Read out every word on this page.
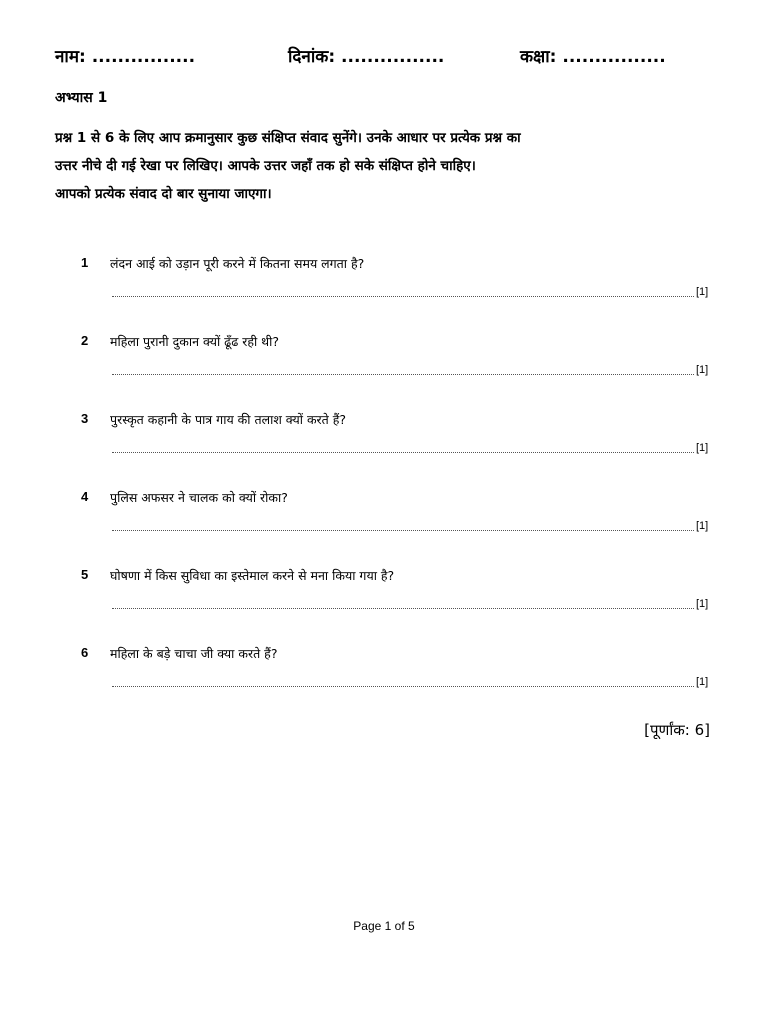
नाम: ................	दिनांक: ................	कक्षा: ................
अभ्यास 1
प्रश्न 1 से 6 के लिए आप क्रमानुसार कुछ संक्षिप्त संवाद सुनेंगे। उनके आधार पर प्रत्येक प्रश्न का
उत्तर नीचे दी गई रेखा पर लिखिए। आपके उत्तर जहाँ तक हो सके संक्षिप्त होने चाहिए।
आपको प्रत्येक संवाद दो बार सुनाया जाएगा।
1 लंदन आई को उड़ान पूरी करने में कितना समय लगता है?
[1]
2 महिला पुरानी दुकान क्यों ढूँढ रही थी?
[1]
3 पुरस्कृत कहानी के पात्र गाय की तलाश क्यों करते हैं?
[1]
4 पुलिस अफसर ने चालक को क्यों रोका?
[1]
5 घोषणा में किस सुविधा का इस्तेमाल करने से मना किया गया है?
[1]
6 महिला के बड़े चाचा जी क्या करते हैं?
[1]
[पूर्णांक: 6]
Page 1 of 5
